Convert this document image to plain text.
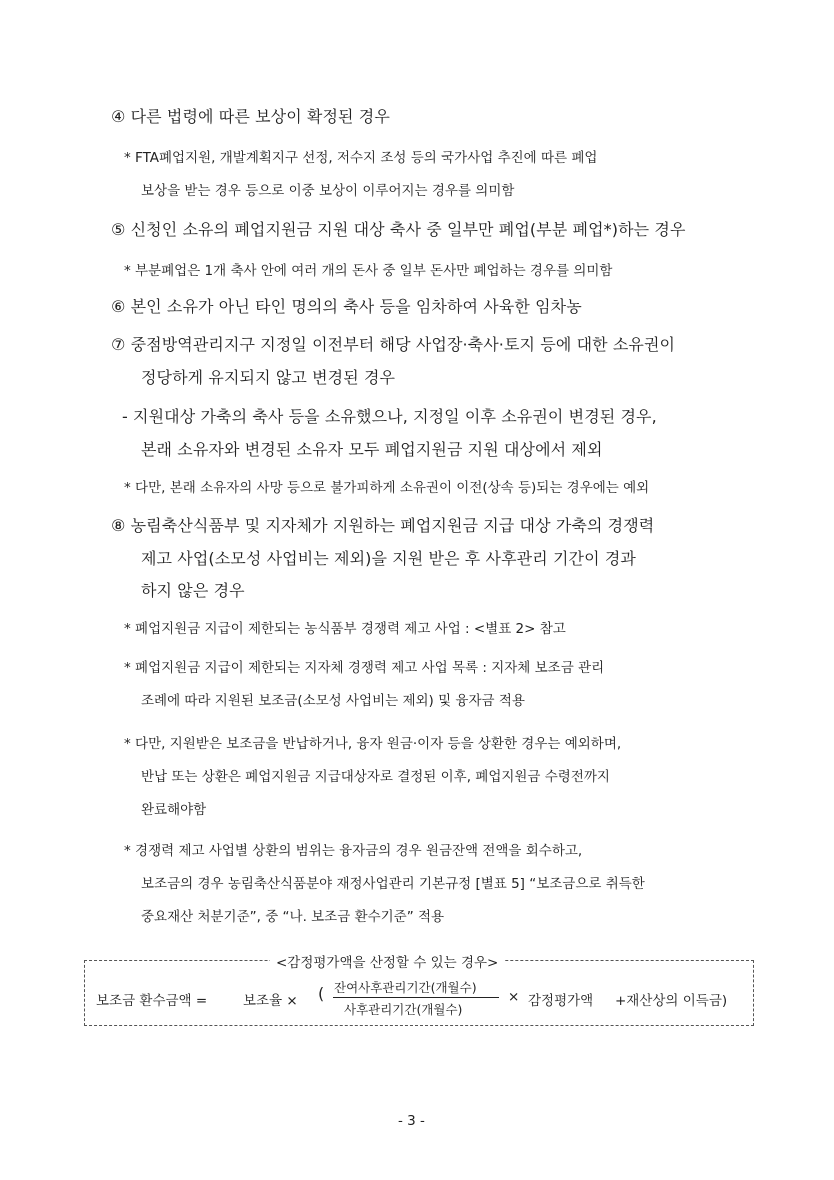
④ 다른 법령에 따른 보상이 확정된 경우
* FTA폐업지원, 개발계획지구 선정, 저수지 조성 등의 국가사업 추진에 따른 폐업
보상을 받는 경우 등으로 이중 보상이 이루어지는 경우를 의미함
⑤ 신청인 소유의 폐업지원금 지원 대상 축사 중 일부만 폐업(부분 폐업*)하는 경우
* 부분폐업은 1개 축사 안에 여러 개의 돈사 중 일부 돈사만 폐업하는 경우를 의미함
⑥ 본인 소유가 아닌 타인 명의의 축사 등을 임차하여 사육한 임차농
⑦ 중점방역관리지구 지정일 이전부터 해당 사업장·축사·토지 등에 대한 소유권이
정당하게 유지되지 않고 변경된 경우
- 지원대상 가축의 축사 등을 소유했으나, 지정일 이후 소유권이 변경된 경우,
본래 소유자와 변경된 소유자 모두 폐업지원금 지원 대상에서 제외
* 다만, 본래 소유자의 사망 등으로 불가피하게 소유권이 이전(상속 등)되는 경우에는 예외
⑧ 농림축산식품부 및 지자체가 지원하는 폐업지원금 지급 대상 가축의 경쟁력
제고 사업(소모성 사업비는 제외)을 지원 받은 후 사후관리 기간이 경과
하지 않은 경우
* 폐업지원금 지급이 제한되는 농식품부 경쟁력 제고 사업 : <별표 2> 참고
* 폐업지원금 지급이 제한되는 지자체 경쟁력 제고 사업 목록 : 지자체 보조금 관리
조례에 따라 지원된 보조금(소모성 사업비는 제외) 및 융자금 적용
* 다만, 지원받은 보조금을 반납하거나, 융자 원금·이자 등을 상환한 경우는 예외하며,
반납 또는 상환은 폐업지원금 지급대상자로 결정된 이후, 폐업지원금 수령전까지
완료해야함
* 경쟁력 제고 사업별 상환의 범위는 융자금의 경우 원금잔액 전액을 회수하고,
보조금의 경우 농림축산식품분야 재정사업관리 기본규정 [별표 5] “보조금으로 취득한
중요재산 처분기준”, 중 “나. 보조금 환수기준” 적용
<감정평가액을 산정할 수 있는 경우>
보조금 환수금액 =	보조율 × ( 잔여사후관리기간(개월수)
사후관리기간(개월수)
× 감정평가액 +재산상의 이득금)
- 3 -
